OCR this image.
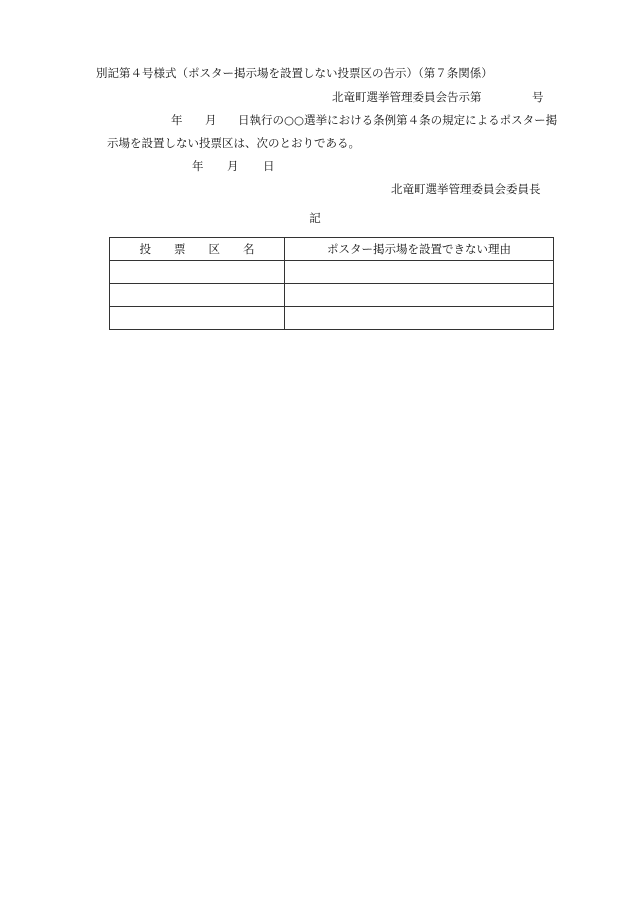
別記第４号様式（ポスター掲示場を設置しない投票区の告示）（第７条関係）
北竜町選挙管理委員会告示第	号
年 月 日執行の○○選挙における条例第４条の規定によるポスター掲
示場を設置しない投票区は、次のとおりである。
年 月 日
北竜町選挙管理委員会委員長
記
投　　票　　区　　名	ポスター掲示場を設置できない理由
